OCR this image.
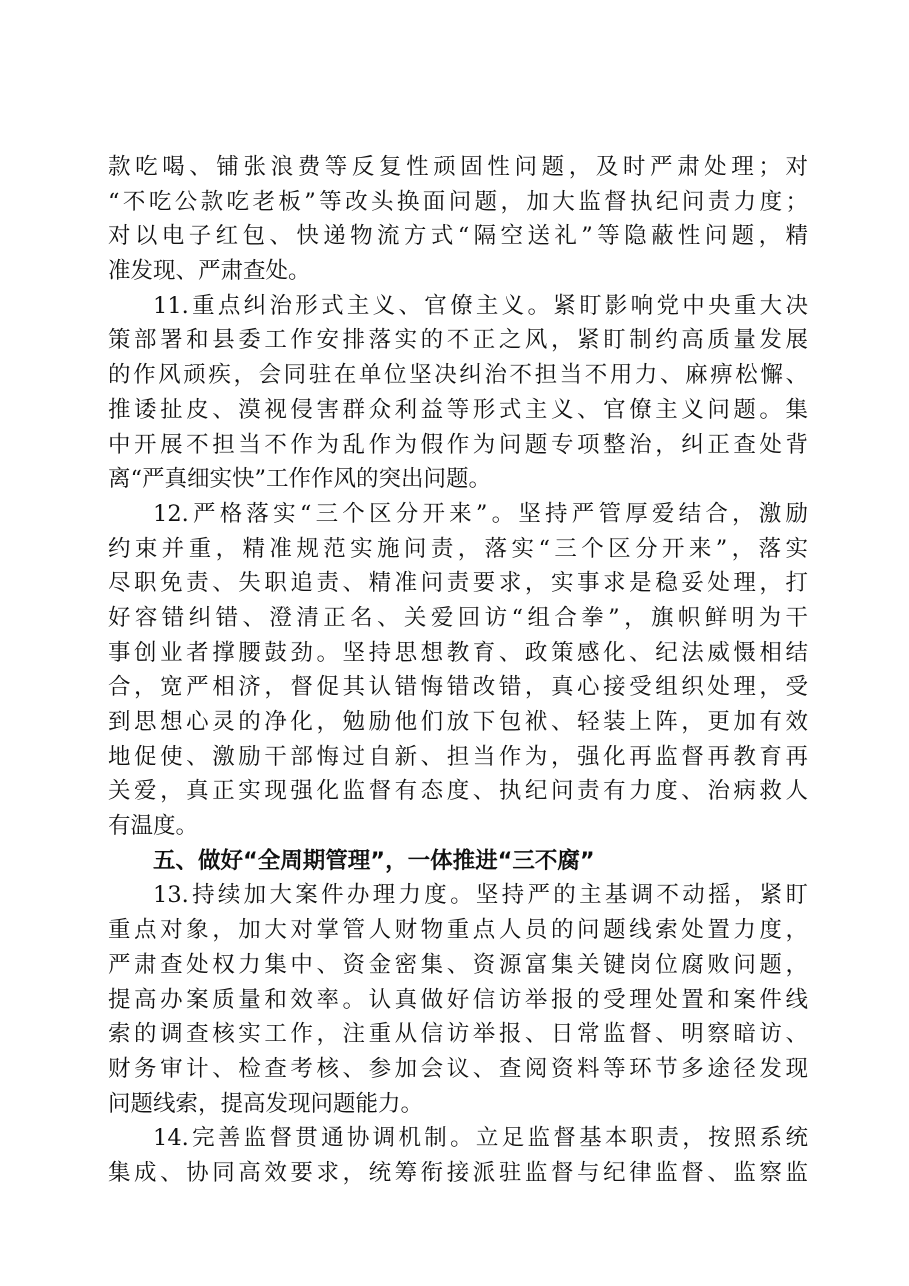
款吃喝、铺张浪费等反复性顽固性问题，及时严肃处理；对
“不吃公款吃老板”等改头换面问题，加大监督执纪问责力度；
对以电子红包、快递物流方式“隔空送礼”等隐蔽性问题，精
准发现、严肃查处。
11.重点纠治形式主义、官僚主义。紧盯影响党中央重大决
策部署和县委工作安排落实的不正之风，紧盯制约高质量发展
的作风顽疾，会同驻在单位坚决纠治不担当不用力、麻痹松懈、
推诿扯皮、漠视侵害群众利益等形式主义、官僚主义问题。集
中开展不担当不作为乱作为假作为问题专项整治，纠正查处背
离“严真细实快”工作作风的突出问题。
12.严格落实“三个区分开来”。坚持严管厚爱结合，激励
约束并重，精准规范实施问责，落实“三个区分开来”，落实
尽职免责、失职追责、精准问责要求，实事求是稳妥处理，打
好容错纠错、澄清正名、关爱回访“组合拳”，旗帜鲜明为干
事创业者撑腰鼓劲。坚持思想教育、政策感化、纪法威慑相结
合，宽严相济，督促其认错悔错改错，真心接受组织处理，受
到思想心灵的净化，勉励他们放下包袱、轻装上阵，更加有效
地促使、激励干部悔过自新、担当作为，强化再监督再教育再
关爱，真正实现强化监督有态度、执纪问责有力度、治病救人
有温度。
五、做好“全周期管理”，一体推进“三不腐”
13.持续加大案件办理力度。坚持严的主基调不动摇，紧盯
重点对象，加大对掌管人财物重点人员的问题线索处置力度，
严肃查处权力集中、资金密集、资源富集关键岗位腐败问题，
提高办案质量和效率。认真做好信访举报的受理处置和案件线
索的调查核实工作，注重从信访举报、日常监督、明察暗访、
财务审计、检查考核、参加会议、查阅资料等环节多途径发现
问题线索，提高发现问题能力。
14.完善监督贯通协调机制。立足监督基本职责，按照系统
集成、协同高效要求，统筹衔接派驻监督与纪律监督、监察监
